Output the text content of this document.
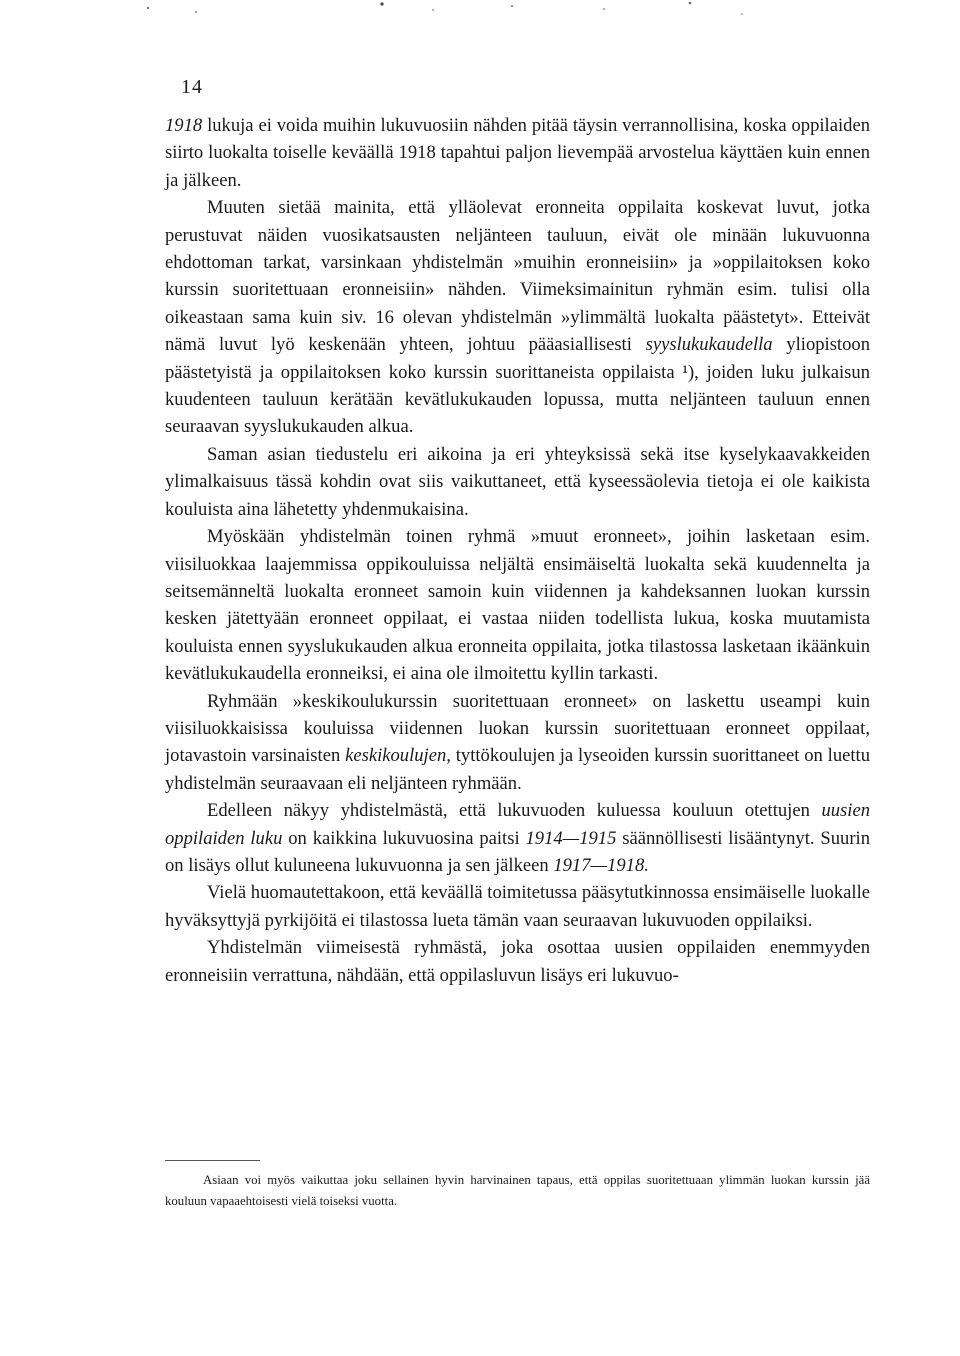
14

1918 lukuja ei voida muihin lukuvuosiin nähden pitää täysin verrannollisina, koska oppilaiden siirto luokalta toiselle keväällä 1918 tapahtui paljon lievempää arvostelua käyttäen kuin ennen ja jälkeen.

Muuten sietää mainita, että ylläolevat eronneita oppilaita koskevat luvut, jotka perustuvat näiden vuosikatsausten neljänteen tauluun, eivät ole minään lukuvuonna ehdottoman tarkat, varsinkaan yhdistelmän »muihin eronneisiin» ja »oppilaitoksen koko kurssin suoritettuaan eronneisiin» nähden. Viimeksimainitun ryhmän esim. tulisi olla oikeastaan sama kuin siv. 16 olevan yhdistelmän »ylimmältä luokalta päästetyt». Etteivät nämä luvut lyö keskenään yhteen, johtuu pääasiallisesti syyslukukaudella yliopistoon päästetyistä ja oppilaitoksen koko kurssin suorittaneista oppilaista ¹), joiden luku julkaisun kuudenteen tauluun kerätään kevätlukukauden lopussa, mutta neljänteen tauluun ennen seuraavan syyslukukauden alkua.

Saman asian tiedustelu eri aikoina ja eri yhteyksissä sekä itse kyselykaavakkeiden ylimalkaisuus tässä kohdin ovat siis vaikuttaneet, että kyseessäolevia tietoja ei ole kaikista kouluista aina lähetetty yhdenmukaisina.

Myöskään yhdistelmän toinen ryhmä »muut eronneet», joihin lasketaan esim. viisiluokkaa laajemmissa oppikouluissa neljältä ensimäiseltä luokalta sekä kuudennelta ja seitsemänneltä luokalta eronneet samoin kuin viidennen ja kahdeksannen luokan kurssin kesken jätettyään eronneet oppilaat, ei vastaa niiden todellista lukua, koska muutamista kouluista ennen syyslukukauden alkua eronneita oppilaita, jotka tilastossa lasketaan ikäänkuin kevätlukukaudella eronneiksi, ei aina ole ilmoitettu kyllin tarkasti.

Ryhmään »keskikoulukurssin suoritettuaan eronneet» on laskettu useampi kuin viisiluokkaisissa kouluissa viidennen luokan kurssin suoritettuaan eronneet oppilaat, jotavastoin varsinaisten keskikoulujen, tyttökoulujen ja lyseoiden kurssin suorittaneet on luettu yhdistelmän seuraavaan eli neljänteen ryhmään.

Edelleen näkyy yhdistelmästä, että lukuvuoden kuluessa kouluun otettujen uusien oppilaiden luku on kaikkina lukuvuosina paitsi 1914—1915 säännöllisesti lisääntynyt. Suurin on lisäys ollut kuluneena lukuvuonna ja sen jälkeen 1917—1918.

Vielä huomautettakoon, että keväällä toimitetussa pääsytutkinnossa ensimäiselle luokalle hyväksyttyjä pyrkijöitä ei tilastossa lueta tämän vaan seuraavan lukuvuoden oppilaiksi.

Yhdistelmän viimeisestä ryhmästä, joka osottaa uusien oppilaiden enemmyyden eronneisiin verrattuna, nähdään, että oppilasluvun lisäys eri lukuvuo-

Asiaan voi myös vaikuttaa joku sellainen hyvin harvinainen tapaus, että oppilas suoritettuaan ylimmän luokan kurssin jää kouluun vapaaehtoisesti vielä toiseksi vuotta.
